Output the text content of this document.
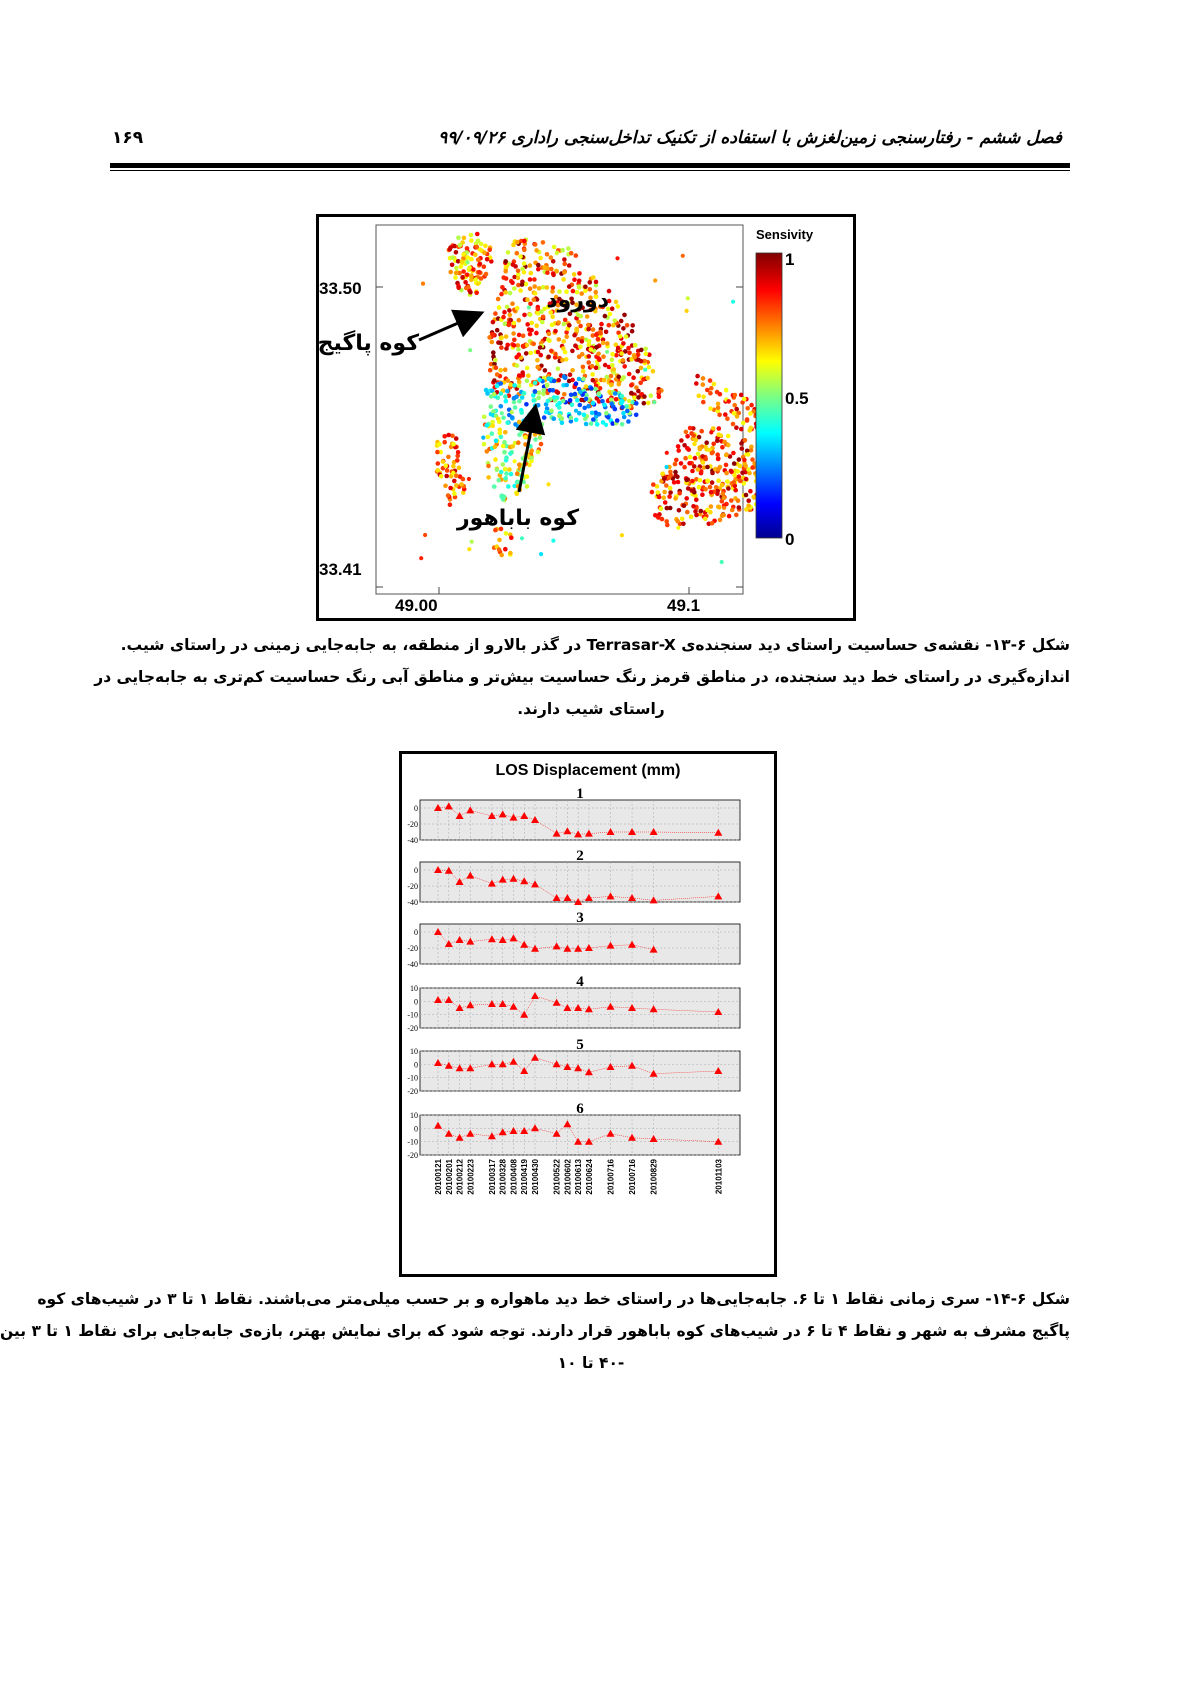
فصل ششم - رفتارسنجی زمین‌لغزش با استفاده از تکنیک تداخل‌سنجی راداری ۹۹/۰۹/۲۶
۱۶۹
33.50
33.41
49.00	49.1
دورود
کوه پاگیج
کوه باباهور
Sensivity
1
0.5
0
شکل ۶-۱۳- نقشه‌ی حساسیت راستای دید سنجنده‌ی Terrasar-X در گذر بالارو از منطقه، به جابه‌جایی زمینی در راستای شیب.
اندازه‌گیری در راستای خط دید سنجنده، در مناطق قرمز رنگ حساسیت بیش‌تر و مناطق آبی رنگ حساسیت کم‌تری به جابه‌جایی در
راستای شیب دارند.
LOS Displacement (mm)
0
-20
-40
1
0
-20
-40
2
0
-20
-40
3
10
0
-10
-20
4
10
0
-10
-20
5
10
0
-10
-20
6
20100121 20100201 20100212 20100223 20100317 20100328 20100408 20100419 20100430 20100522 20100602 20100613 20100624 20100716 20100716 20100829	20101103
شکل ۶-۱۴- سری زمانی نقاط ۱ تا ۶. جابه‌جایی‌ها در راستای خط دید ماهواره و بر حسب میلی‌متر می‌باشند. نقاط ۱ تا ۳ در شیب‌های کوه
پاگیج مشرف به شهر و نقاط ۴ تا ۶ در شیب‌های کوه باباهور قرار دارند. توجه شود که برای نمایش بهتر، بازه‌ی جابه‌جایی برای نقاط ۱ تا ۳ بین
-۴۰ تا ۱۰
